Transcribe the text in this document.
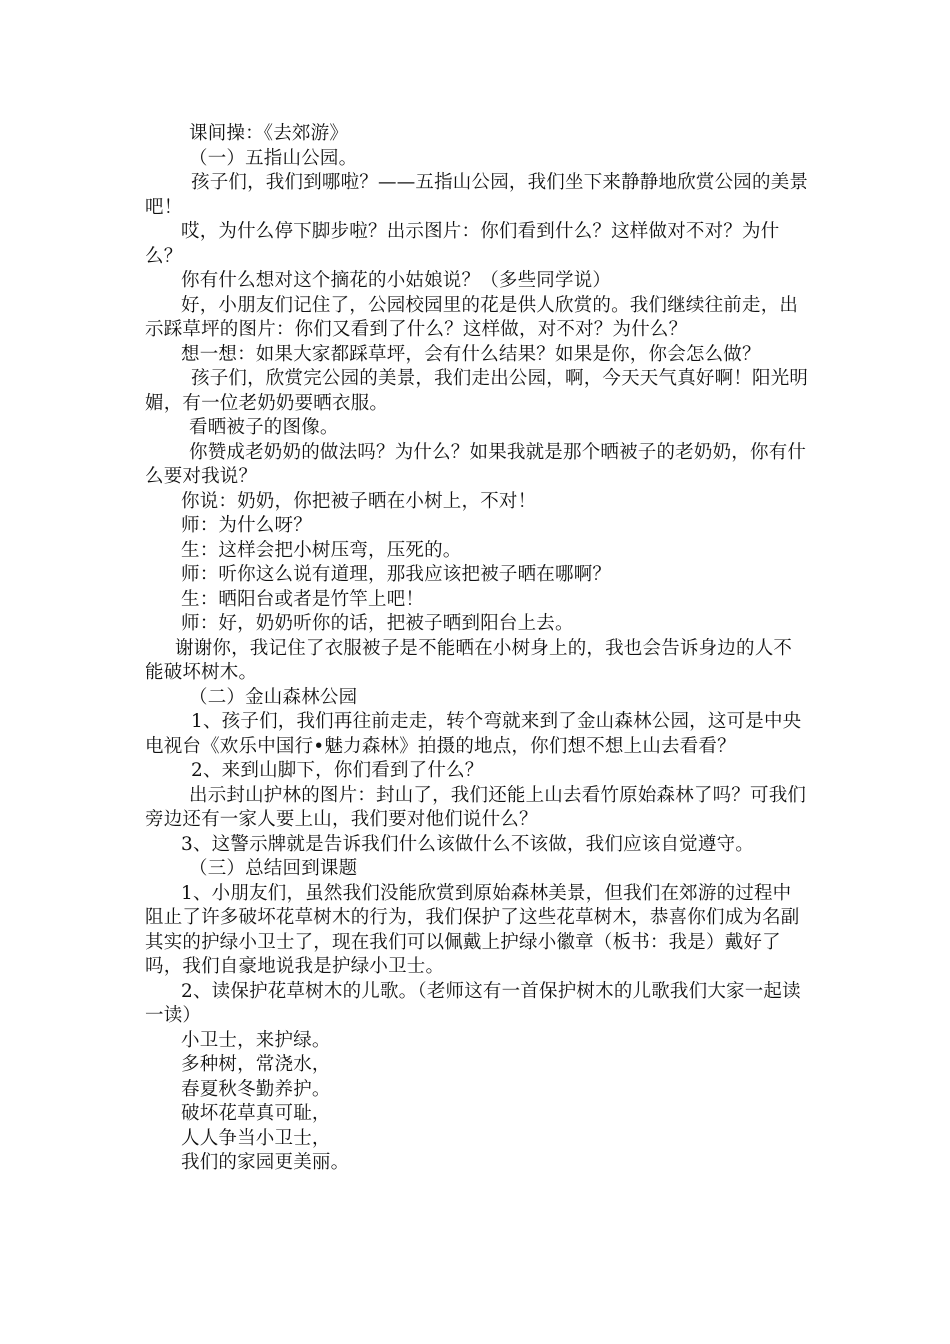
课间操：《去郊游》

（一）五指山公园。

孩子们，我们到哪啦？——五指山公园，我们坐下来静静地欣赏公园的美景吧！

哎，为什么停下脚步啦？出示图片：你们看到什么？这样做对不对？为什么？

你有什么想对这个摘花的小姑娘说？（多些同学说）

好，小朋友们记住了，公园校园里的花是供人欣赏的。我们继续往前走，出示踩草坪的图片：你们又看到了什么？这样做，对不对？为什么？

想一想：如果大家都踩草坪，会有什么结果？如果是你，你会怎么做？

孩子们，欣赏完公园的美景，我们走出公园，啊，今天天气真好啊！阳光明媚，有一位老奶奶要晒衣服。

看晒被子的图像。

你赞成老奶奶的做法吗？为什么？如果我就是那个晒被子的老奶奶，你有什么要对我说？

你说：奶奶，你把被子晒在小树上，不对！

师：为什么呀？

生：这样会把小树压弯，压死的。

师：听你这么说有道理，那我应该把被子晒在哪啊？

生：晒阳台或者是竹竿上吧！

师：好，奶奶听你的话，把被子晒到阳台上去。

谢谢你，我记住了衣服被子是不能晒在小树身上的，我也会告诉身边的人不能破坏树木。

（二）金山森林公园

1、孩子们，我们再往前走走，转个弯就来到了金山森林公园，这可是中央电视台《欢乐中国行•魅力森林》拍摄的地点，你们想不想上山去看看？

2、来到山脚下，你们看到了什么？

出示封山护林的图片：封山了，我们还能上山去看竹原始森林了吗？可我们旁边还有一家人要上山，我们要对他们说什么？

3、这警示牌就是告诉我们什么该做什么不该做，我们应该自觉遵守。

（三）总结回到课题

1、小朋友们，虽然我们没能欣赏到原始森林美景，但我们在郊游的过程中阻止了许多破坏花草树木的行为，我们保护了这些花草树木，恭喜你们成为名副其实的护绿小卫士了，现在我们可以佩戴上护绿小徽章（板书：我是）戴好了吗，我们自豪地说我是护绿小卫士。

2、读保护花草树木的儿歌。（老师这有一首保护树木的儿歌我们大家一起读一读）

小卫士，来护绿。

多种树，常浇水，

春夏秋冬勤养护。

破坏花草真可耻，

人人争当小卫士，

我们的家园更美丽。
